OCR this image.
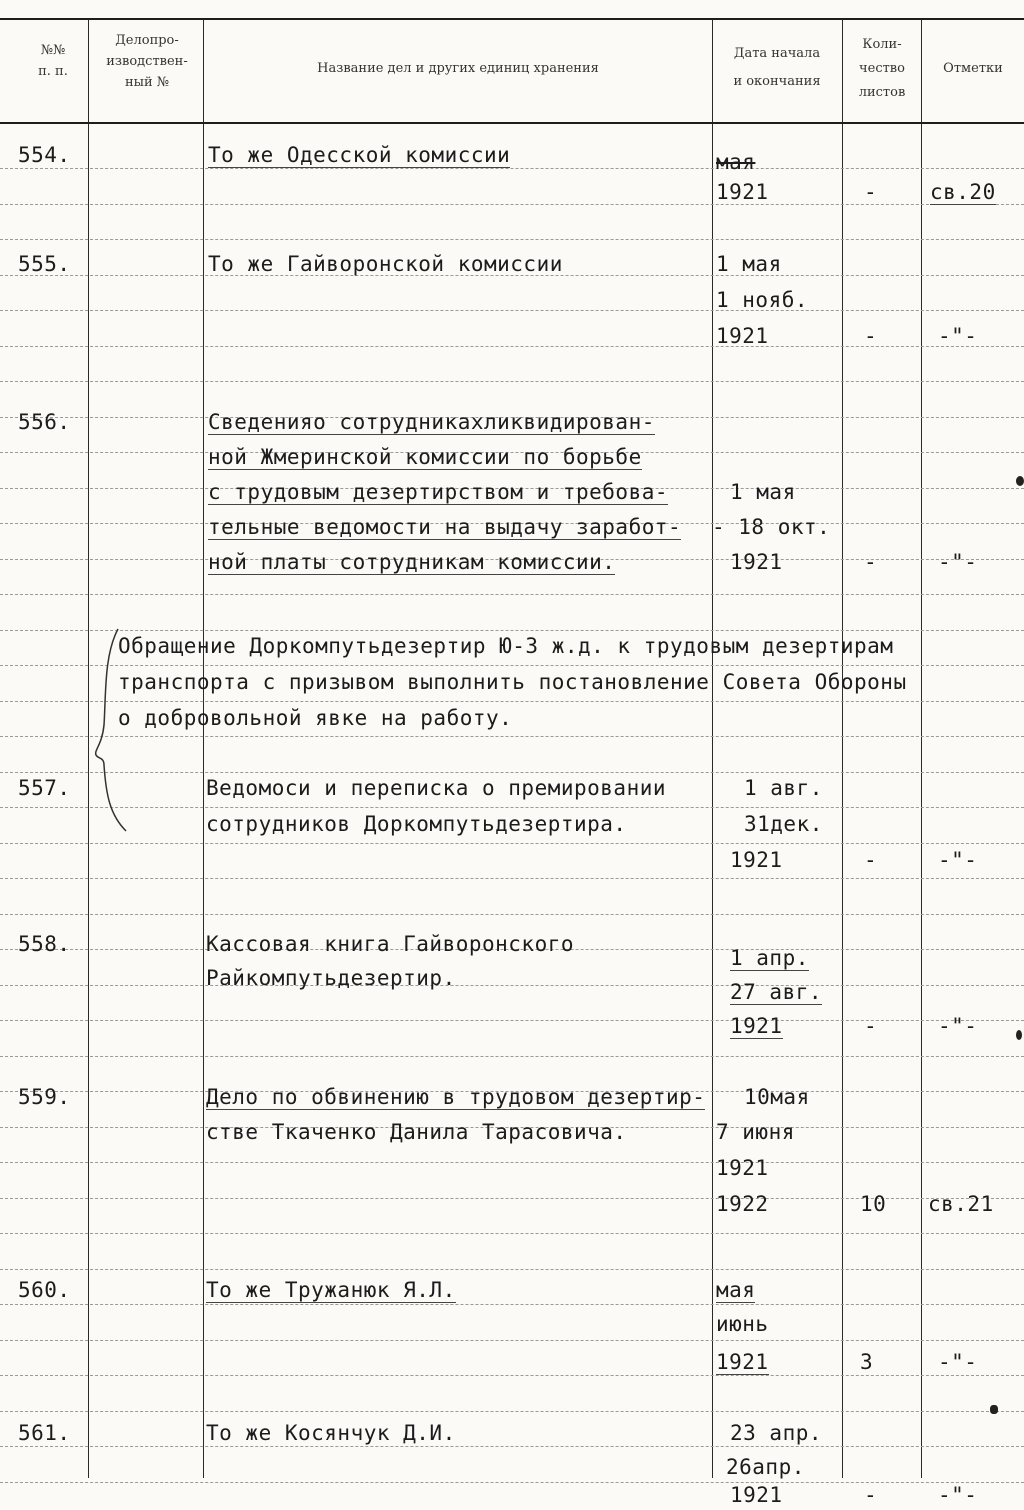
№№
п. п.
Делопро-
изводствен-
ный №
Название дел и других единиц хранения
Дата начала
и окончания
Коли-
чество
листов
Отметки
554.	То же Одесской комиссии	мая
1921	-	св.20
555.	То же Гайворонской комиссии	1 мая
1 нояб.
1921	-	-"-
556.	Сведенияо сотрудникахликвидирован-
ной Жмеринской комиссии по борьбе
с трудовым дезертирством и требова-
тельные ведомости на выдачу заработ-
ной платы сотрудникам комиссии.
1 мая
- 18 окт.
1921	-	-"-
Обращение Доркомпутьдезертир Ю-З ж.д. к трудовым дезертирам
транспорта с призывом выполнить постановление Совета Обороны
о добровольной явке на работу.
557.	Ведомоси и переписка о премировании
сотрудников Доркомпутьдезертира.
1 авг.
31дек.
1921	-	-"-
558.	Кассовая книга Гайворонского
Райкомпутьдезертир.
1 апр.
27 авг.
1921	-	-"-
559.	Дело по обвинению в трудовом дезертир-
стве Ткаченко Данила Тарасовича.
10мая
7 июня
1921
1922	10 св.21
560.	То же Тружанюк Я.Л.	мая
июнь
1921	3	-"-
561.	То же Косянчук Д.И.	23 апр.
26апр.
1921	-	-"-
